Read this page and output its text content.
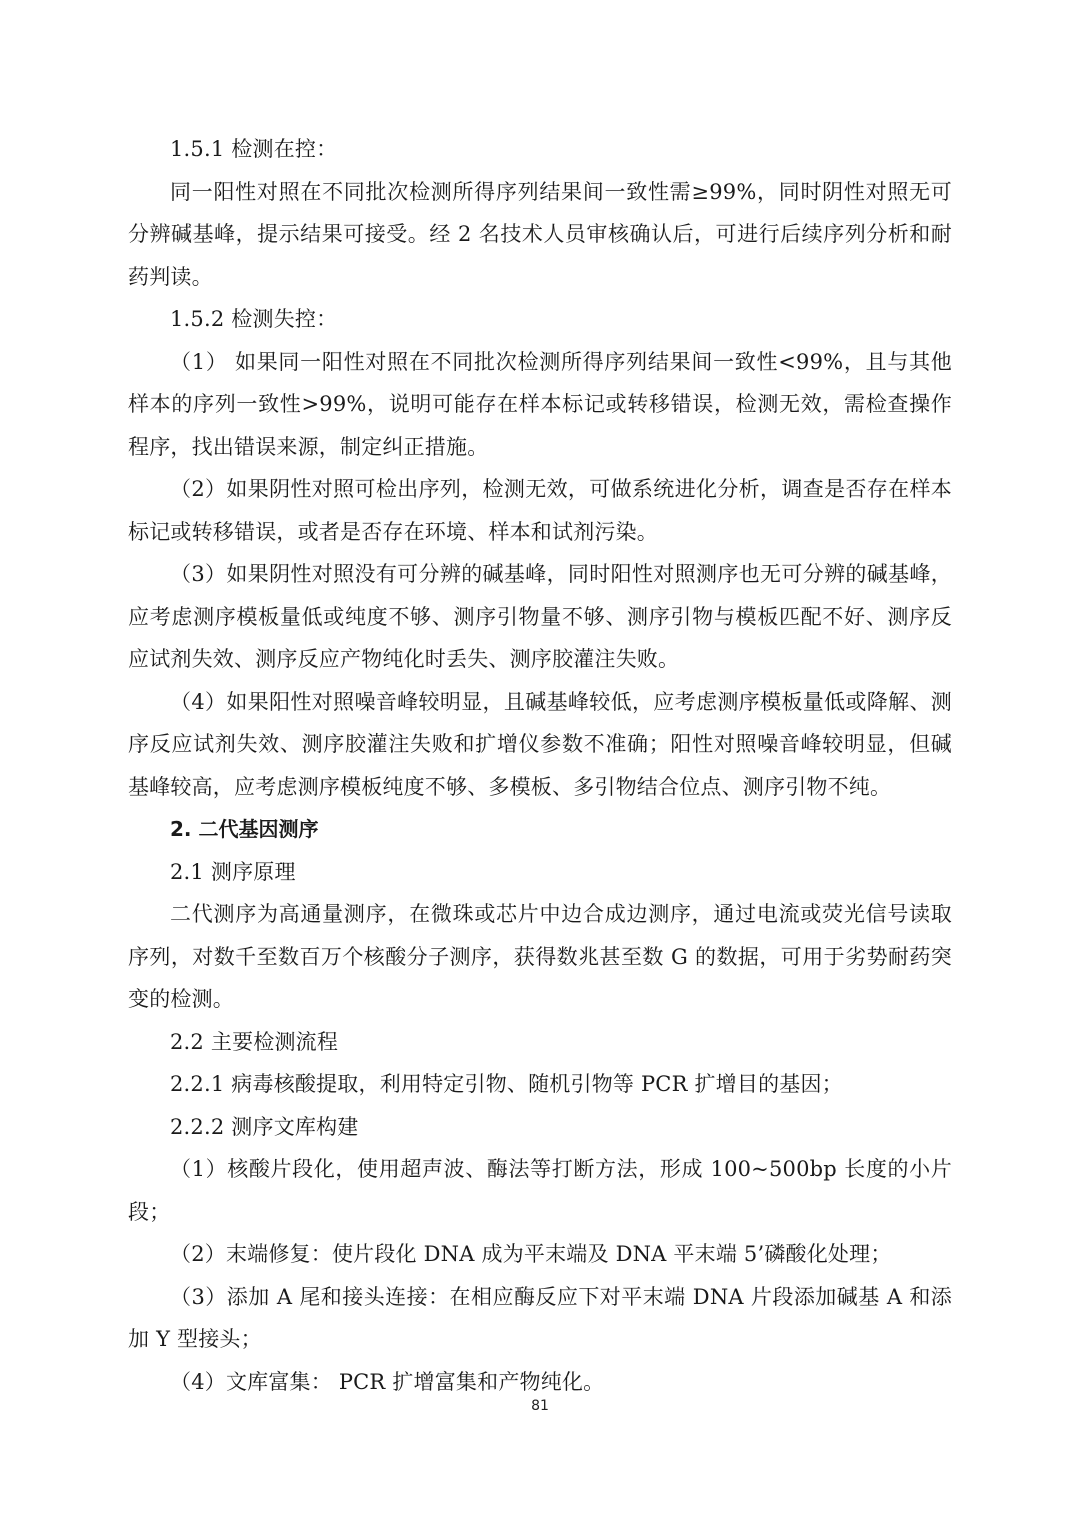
1.5.1 检测在控：

同一阳性对照在不同批次检测所得序列结果间一致性需≥99%，同时阴性对照无可分辨碱基峰，提示结果可接受。经 2 名技术人员审核确认后，可进行后续序列分析和耐药判读。

1.5.2 检测失控：

（1） 如果同一阳性对照在不同批次检测所得序列结果间一致性<99%，且与其他样本的序列一致性>99%，说明可能存在样本标记或转移错误，检测无效，需检查操作程序，找出错误来源，制定纠正措施。

（2）如果阴性对照可检出序列，检测无效，可做系统进化分析，调查是否存在样本标记或转移错误，或者是否存在环境、样本和试剂污染。

（3）如果阴性对照没有可分辨的碱基峰，同时阳性对照测序也无可分辨的碱基峰，应考虑测序模板量低或纯度不够、测序引物量不够、测序引物与模板匹配不好、测序反应试剂失效、测序反应产物纯化时丢失、测序胶灌注失败。

（4）如果阳性对照噪音峰较明显，且碱基峰较低，应考虑测序模板量低或降解、测序反应试剂失效、测序胶灌注失败和扩增仪参数不准确；阳性对照噪音峰较明显，但碱基峰较高，应考虑测序模板纯度不够、多模板、多引物结合位点、测序引物不纯。

2. 二代基因测序

2.1 测序原理

二代测序为高通量测序，在微珠或芯片中边合成边测序，通过电流或荧光信号读取序列，对数千至数百万个核酸分子测序，获得数兆甚至数 G 的数据，可用于劣势耐药突变的检测。

2.2 主要检测流程

2.2.1 病毒核酸提取，利用特定引物、随机引物等 PCR 扩增目的基因；

2.2.2 测序文库构建

（1）核酸片段化，使用超声波、酶法等打断方法，形成 100~500bp 长度的小片段；

（2）末端修复：使片段化 DNA 成为平末端及 DNA 平末端 5’磷酸化处理；

（3）添加 A 尾和接头连接：在相应酶反应下对平末端 DNA 片段添加碱基 A 和添加 Y 型接头；

（4）文库富集： PCR 扩增富集和产物纯化。

81
